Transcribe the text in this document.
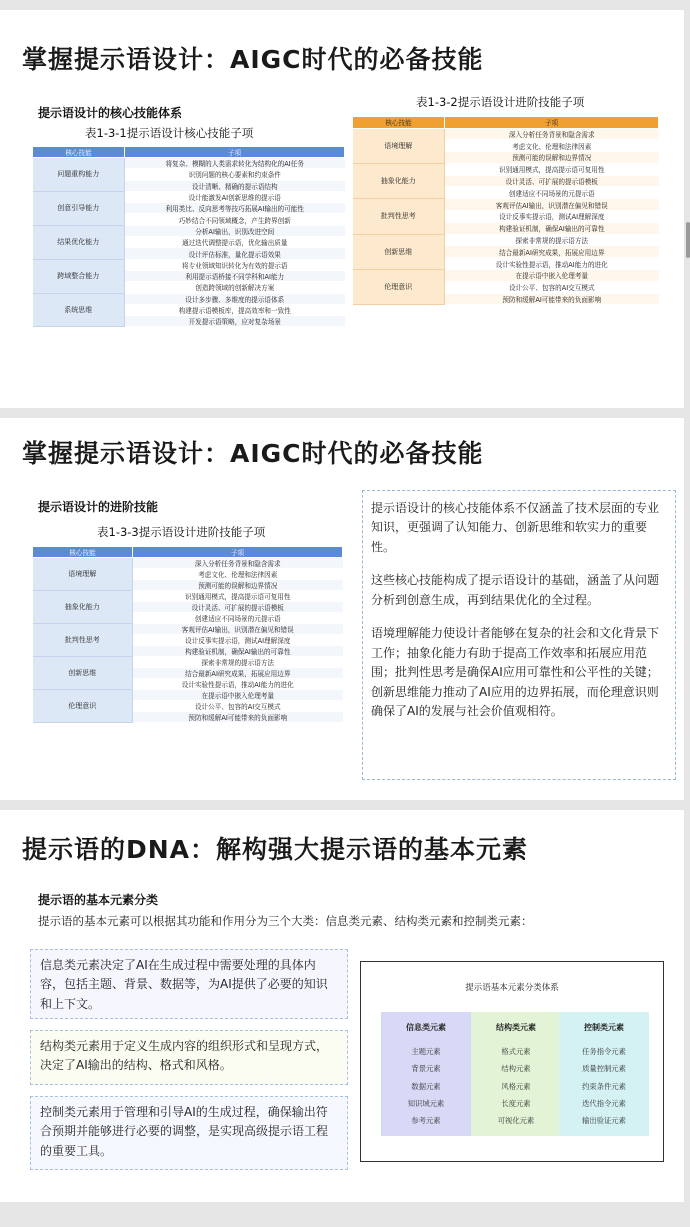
掌握提示语设计：AIGC时代的必备技能
提示语设计的核心技能体系
表1-3-1提示语设计核心技能子项
核心技能	子项
问题重构能力	将复杂、模糊的人类需求转化为结构化的AI任务
	识别问题的核心要素和约束条件
	设计清晰、精确的提示语结构
创意引导能力	设计能激发AI创新思维的提示语
	利用类比、反向思考等技巧拓展AI输出的可能性
	巧妙结合不同领域概念，产生跨界创新
结果优化能力	分析AI输出，识别改进空间
	通过迭代调整提示语，优化输出质量
	设计评估标准，量化提示语效果
跨域整合能力	将专业领域知识转化为有效的提示语
	利用提示语桥接不同学科和AI能力
	创造跨领域的创新解决方案
系统思维	设计多步骤、多维度的提示语体系
	构建提示语模板库，提高效率和一致性
	开发提示语策略，应对复杂场景
表1-3-2提示语设计进阶技能子项
核心技能	子项
语境理解	深入分析任务背景和隐含需求
	考虑文化、伦理和法律因素
	预测可能的误解和边界情况
抽象化能力	识别通用模式，提高提示语可复用性
	设计灵活、可扩展的提示语模板
	创建适应不同场景的元提示语
批判性思考	客观评估AI输出，识别潜在偏见和错误
	设计反事实提示语，测试AI理解深度
	构建验证机制，确保AI输出的可靠性
创新思维	探索非常规的提示语方法
	结合最新AI研究成果，拓展应用边界
	设计实验性提示语，推动AI能力的进化
伦理意识	在提示语中嵌入伦理考量
	设计公平、包容的AI交互模式
	预防和缓解AI可能带来的负面影响
掌握提示语设计：AIGC时代的必备技能
提示语设计的进阶技能
表1-3-3提示语设计进阶技能子项
核心技能	子项
语境理解	深入分析任务背景和隐含需求
	考虑文化、伦理和法律因素
	预测可能的误解和边界情况
抽象化能力	识别通用模式，提高提示语可复用性
	设计灵活、可扩展的提示语模板
	创建适应不同场景的元提示语
批判性思考	客观评估AI输出，识别潜在偏见和错误
	设计反事实提示语，测试AI理解深度
	构建验证机制，确保AI输出的可靠性
创新思维	探索非常规的提示语方法
	结合最新AI研究成果，拓展应用边界
	设计实验性提示语，推动AI能力的进化
伦理意识	在提示语中嵌入伦理考量
	设计公平、包容的AI交互模式
	预防和缓解AI可能带来的负面影响

提示语设计的核心技能体系不仅涵盖了技术层面的专业知识，更强调了认知能力、创新思维和软实力的重要性。

这些核心技能构成了提示语设计的基础，涵盖了从问题分析到创意生成，再到结果优化的全过程。

语境理解能力使设计者能够在复杂的社会和文化背景下工作；抽象化能力有助于提高工作效率和拓展应用范围；批判性思考是确保AI应用可靠性和公平性的关键；创新思维能力推动了AI应用的边界拓展，而伦理意识则确保了AI的发展与社会价值观相符。

提示语的DNA：解构强大提示语的基本元素
提示语的基本元素分类
提示语的基本元素可以根据其功能和作用分为三个大类：信息类元素、结构类元素和控制类元素：
信息类元素决定了AI在生成过程中需要处理的具体内容，包括主题、背景、数据等，为AI提供了必要的知识和上下文。
结构类元素用于定义生成内容的组织形式和呈现方式，决定了AI输出的结构、格式和风格。
控制类元素用于管理和引导AI的生成过程，确保输出符合预期并能够进行必要的调整，是实现高级提示语工程的重要工具。
提示语基本元素分类体系
信息类元素
主题元素
背景元素
数据元素
知识域元素
参考元素
结构类元素
格式元素
结构元素
风格元素
长度元素
可视化元素
控制类元素
任务指令元素
质量控制元素
约束条件元素
迭代指令元素
输出验证元素
